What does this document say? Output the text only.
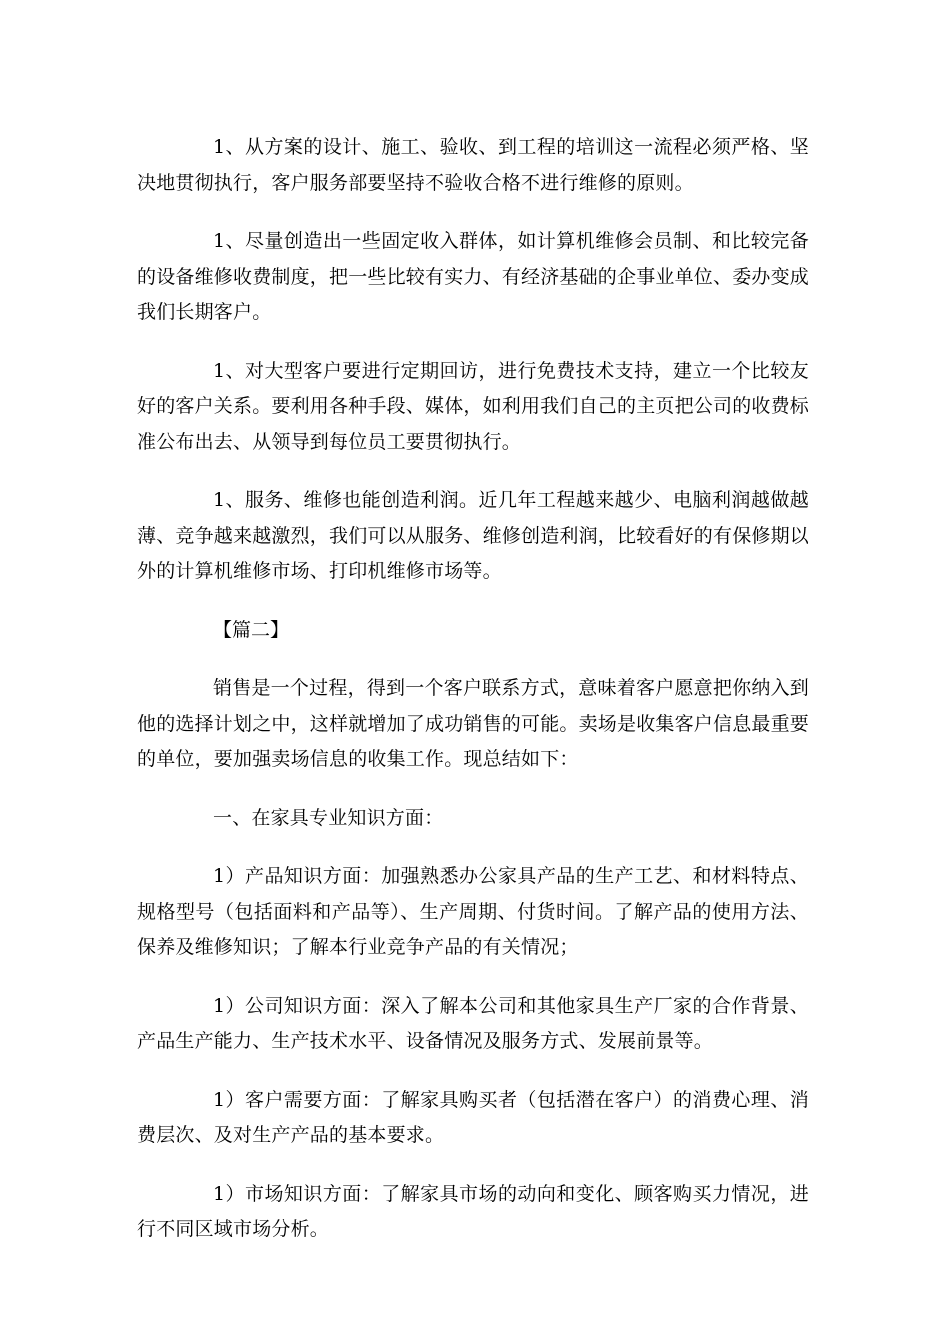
1、从方案的设计、施工、验收、到工程的培训这一流程必须严格、坚决地贯彻执行，客户服务部要坚持不验收合格不进行维修的原则。

1、尽量创造出一些固定收入群体，如计算机维修会员制、和比较完备的设备维修收费制度，把一些比较有实力、有经济基础的企事业单位、委办变成我们长期客户。

1、对大型客户要进行定期回访，进行免费技术支持，建立一个比较友好的客户关系。要利用各种手段、媒体，如利用我们自己的主页把公司的收费标准公布出去、从领导到每位员工要贯彻执行。

1、服务、维修也能创造利润。近几年工程越来越少、电脑利润越做越薄、竞争越来越激烈，我们可以从服务、维修创造利润，比较看好的有保修期以外的计算机维修市场、打印机维修市场等。

【篇二】

销售是一个过程，得到一个客户联系方式，意味着客户愿意把你纳入到他的选择计划之中，这样就增加了成功销售的可能。卖场是收集客户信息最重要的单位，要加强卖场信息的收集工作。现总结如下：

一、在家具专业知识方面：

1）产品知识方面：加强熟悉办公家具产品的生产工艺、和材料特点、规格型号（包括面料和产品等）、生产周期、付货时间。了解产品的使用方法、保养及维修知识；了解本行业竞争产品的有关情况；

1）公司知识方面：深入了解本公司和其他家具生产厂家的合作背景、产品生产能力、生产技术水平、设备情况及服务方式、发展前景等。

1）客户需要方面：了解家具购买者（包括潜在客户）的消费心理、消费层次、及对生产产品的基本要求。

1）市场知识方面：了解家具市场的动向和变化、顾客购买力情况，进行不同区域市场分析。
